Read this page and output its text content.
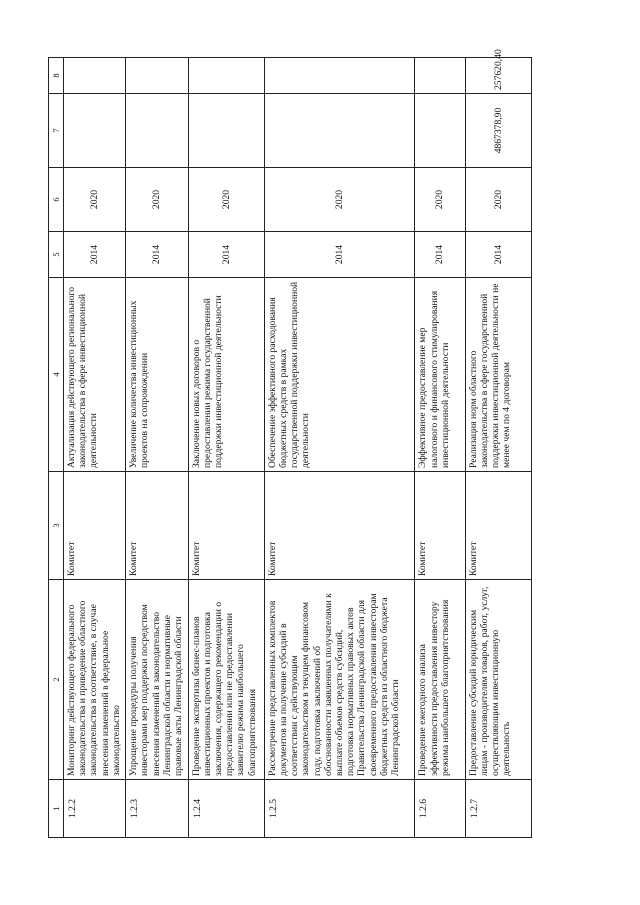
1	2	3	4	5	6	7	8
1.2.2	Мониторинг действующего федерального законодательства и приведение областного законодательства в соответствие, в случае внесения изменений в федеральное законодательство	Комитет	Актуализация действующего регионального законодательства в сфере инвестиционной деятельности	2014	2020		
1.2.3	Упрощение процедуры получения инвесторами мер поддержки посредством внесения изменений в законодательство Ленинградской области и нормативные правовые акты Ленинградской области	Комитет	Увеличение количества инвестиционных проектов на сопровождении	2014	2020		
1.2.4	Проведение экспертизы бизнес-планов инвестиционных проектов и подготовка заключения, содержащего рекомендации о предоставлении или не предоставлении заявителю режима наибольшего благоприятствования	Комитет	Заключение новых договоров о предоставлении режима государственной поддержки инвестиционной деятельности	2014	2020		
1.2.5	Рассмотрение представленных комплектов документов на получение субсидий в соответствии с действующим законодательством в текущем финансовом году, подготовка заключений об обоснованности заявленных получателями к выплате объемов средств субсидий, подготовка нормативных правовых актов Правительства Ленинградской области для своевременного предоставления инвесторам бюджетных средств из областного бюджета Ленинградской области	Комитет	Обеспечение эффективного расходования бюджетных средств в рамках государственной поддержки инвестиционной деятельности	2014	2020		
1.2.6	Проведение ежегодного анализа эффективности предоставления инвестору режима наибольшего благоприятствования	Комитет	Эффективное предоставление мер налогового и финансового стимулирования инвестиционной деятельности	2014	2020		
1.2.7	Предоставление субсидий юридическим лицам - производителям товаров, работ, услуг, осуществляющим инвестиционную деятельность	Комитет	Реализация норм областного законодательства в сфере государственной поддержки инвестиционной деятельности не менее чем по 4 договорам	2014	2020	4867378,90	257620,40
